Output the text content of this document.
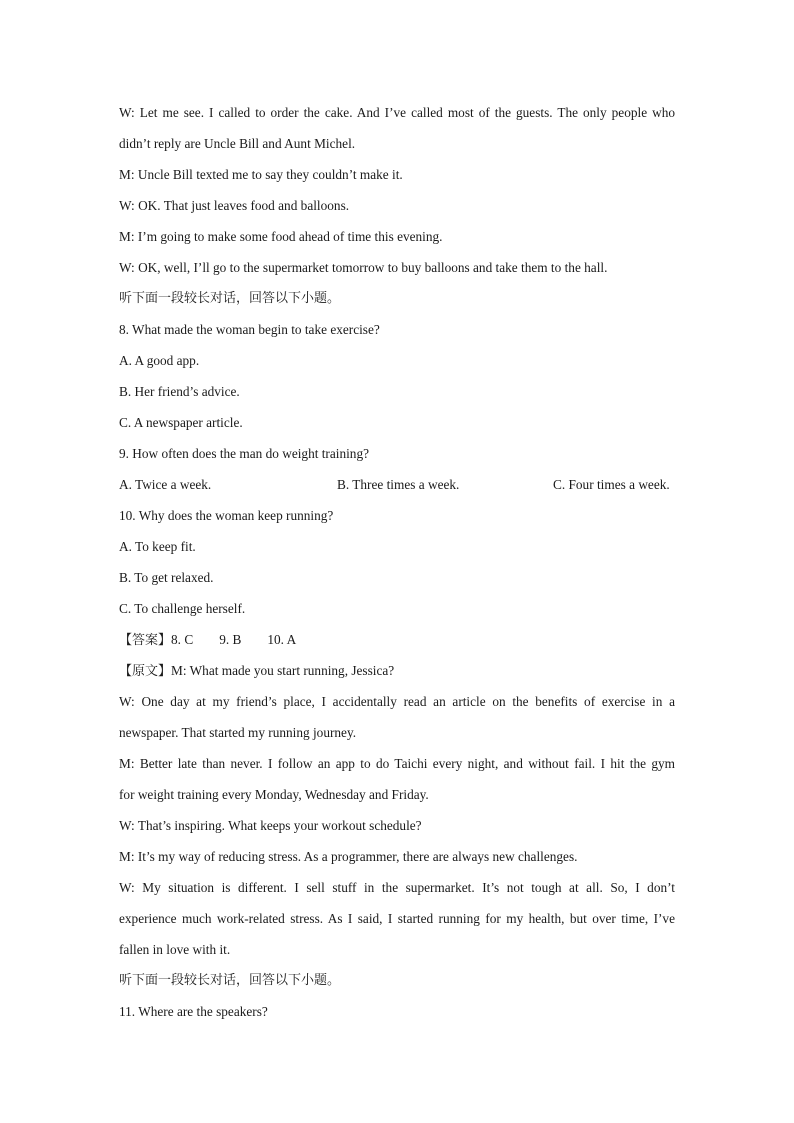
W: Let me see. I called to order the cake. And I’ve called most of the guests. The only people who
didn’t reply are Uncle Bill and Aunt Michel.
M: Uncle Bill texted me to say they couldn’t make it.
W: OK. That just leaves food and balloons.
M: I’m going to make some food ahead of time this evening.
W: OK, well, I’ll go to the supermarket tomorrow to buy balloons and take them to the hall.
听下面一段较长对话，回答以下小题。
8. What made the woman begin to take exercise?
A. A good app.
B. Her friend’s advice.
C. A newspaper article.
9. How often does the man do weight training?
A. Twice a week.	B. Three times a week.	C. Four times a week.
10. Why does the woman keep running?
A. To keep fit.
B. To get relaxed.
C. To challenge herself.
【答案】8. C 9. B 10. A
【原文】M: What made you start running, Jessica?
W: One day at my friend’s place, I accidentally read an article on the benefits of exercise in a
newspaper. That started my running journey.
M: Better late than never. I follow an app to do Taichi every night, and without fail. I hit the gym
for weight training every Monday, Wednesday and Friday.
W: That’s inspiring. What keeps your workout schedule?
M: It’s my way of reducing stress. As a programmer, there are always new challenges.
W: My situation is different. I sell stuff in the supermarket. It’s not tough at all. So, I don’t
experience much work-related stress. As I said, I started running for my health, but over time, I’ve
fallen in love with it.
听下面一段较长对话，回答以下小题。
11. Where are the speakers?
